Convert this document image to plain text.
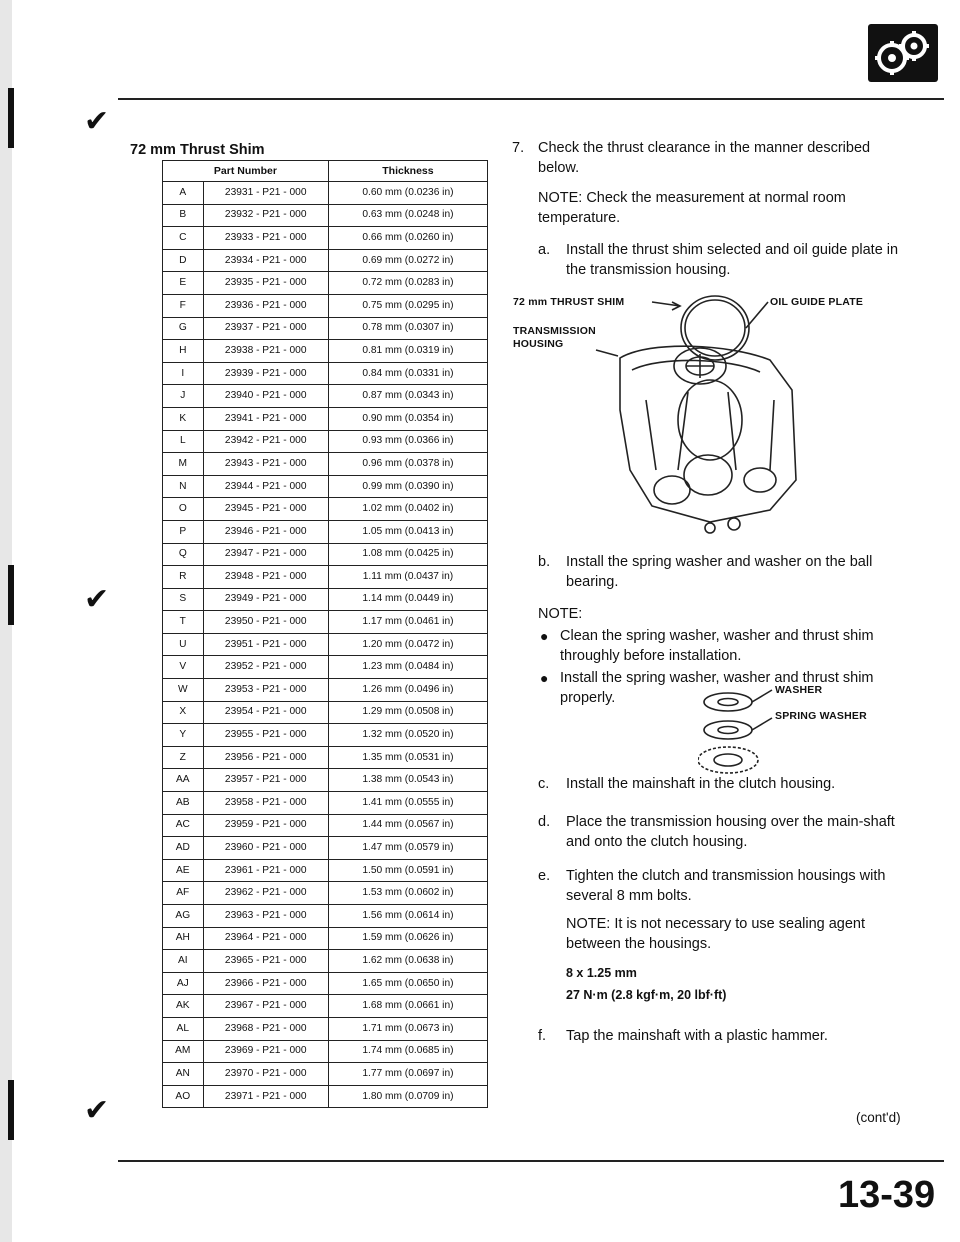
✔
✔
✔
72 mm Thrust Shim
Part Number		Thickness
A	23931 - P21 - 000	0.60 mm (0.0236 in)
B	23932 - P21 - 000	0.63 mm (0.0248 in)
C	23933 - P21 - 000	0.66 mm (0.0260 in)
D	23934 - P21 - 000	0.69 mm (0.0272 in)
E	23935 - P21 - 000	0.72 mm (0.0283 in)
F	23936 - P21 - 000	0.75 mm (0.0295 in)
G	23937 - P21 - 000	0.78 mm (0.0307 in)
H	23938 - P21 - 000	0.81 mm (0.0319 in)
I	23939 - P21 - 000	0.84 mm (0.0331 in)
J	23940 - P21 - 000	0.87 mm (0.0343 in)
K	23941 - P21 - 000	0.90 mm (0.0354 in)
L	23942 - P21 - 000	0.93 mm (0.0366 in)
M	23943 - P21 - 000	0.96 mm (0.0378 in)
N	23944 - P21 - 000	0.99 mm (0.0390 in)
O	23945 - P21 - 000	1.02 mm (0.0402 in)
P	23946 - P21 - 000	1.05 mm (0.0413 in)
Q	23947 - P21 - 000	1.08 mm (0.0425 in)
R	23948 - P21 - 000	1.11 mm (0.0437 in)
S	23949 - P21 - 000	1.14 mm (0.0449 in)
T	23950 - P21 - 000	1.17 mm (0.0461 in)
U	23951 - P21 - 000	1.20 mm (0.0472 in)
V	23952 - P21 - 000	1.23 mm (0.0484 in)
W	23953 - P21 - 000	1.26 mm (0.0496 in)
X	23954 - P21 - 000	1.29 mm (0.0508 in)
Y	23955 - P21 - 000	1.32 mm (0.0520 in)
Z	23956 - P21 - 000	1.35 mm (0.0531 in)
AA	23957 - P21 - 000	1.38 mm (0.0543 in)
AB	23958 - P21 - 000	1.41 mm (0.0555 in)
AC	23959 - P21 - 000	1.44 mm (0.0567 in)
AD	23960 - P21 - 000	1.47 mm (0.0579 in)
AE	23961 - P21 - 000	1.50 mm (0.0591 in)
AF	23962 - P21 - 000	1.53 mm (0.0602 in)
AG	23963 - P21 - 000	1.56 mm (0.0614 in)
AH	23964 - P21 - 000	1.59 mm (0.0626 in)
AI	23965 - P21 - 000	1.62 mm (0.0638 in)
AJ	23966 - P21 - 000	1.65 mm (0.0650 in)
AK	23967 - P21 - 000	1.68 mm (0.0661 in)
AL	23968 - P21 - 000	1.71 mm (0.0673 in)
AM	23969 - P21 - 000	1.74 mm (0.0685 in)
AN	23970 - P21 - 000	1.77 mm (0.0697 in)
AO	23971 - P21 - 000	1.80 mm (0.0709 in)
7. Check the thrust clearance in the manner described below.
NOTE: Check the measurement at normal room temperature.
a. Install the thrust shim selected and oil guide plate in the transmission housing.
72 mm THRUST SHIM	OIL GUIDE PLATE
TRANSMISSION
HOUSING
b. Install the spring washer and washer on the ball bearing.
NOTE:
● Clean the spring washer, washer and thrust shim throughly before installation.
● Install the spring washer, washer and thrust shim properly.	WASHER
SPRING WASHER
c. Install the mainshaft in the clutch housing.
d. Place the transmission housing over the main-shaft and onto the clutch housing.
e. Tighten the clutch and transmission housings with several 8 mm bolts.
NOTE: It is not necessary to use sealing agent between the housings.
8 x 1.25 mm
27 N·m (2.8 kgf·m, 20 lbf·ft)
f. Tap the mainshaft with a plastic hammer.
(cont'd)
13-39
